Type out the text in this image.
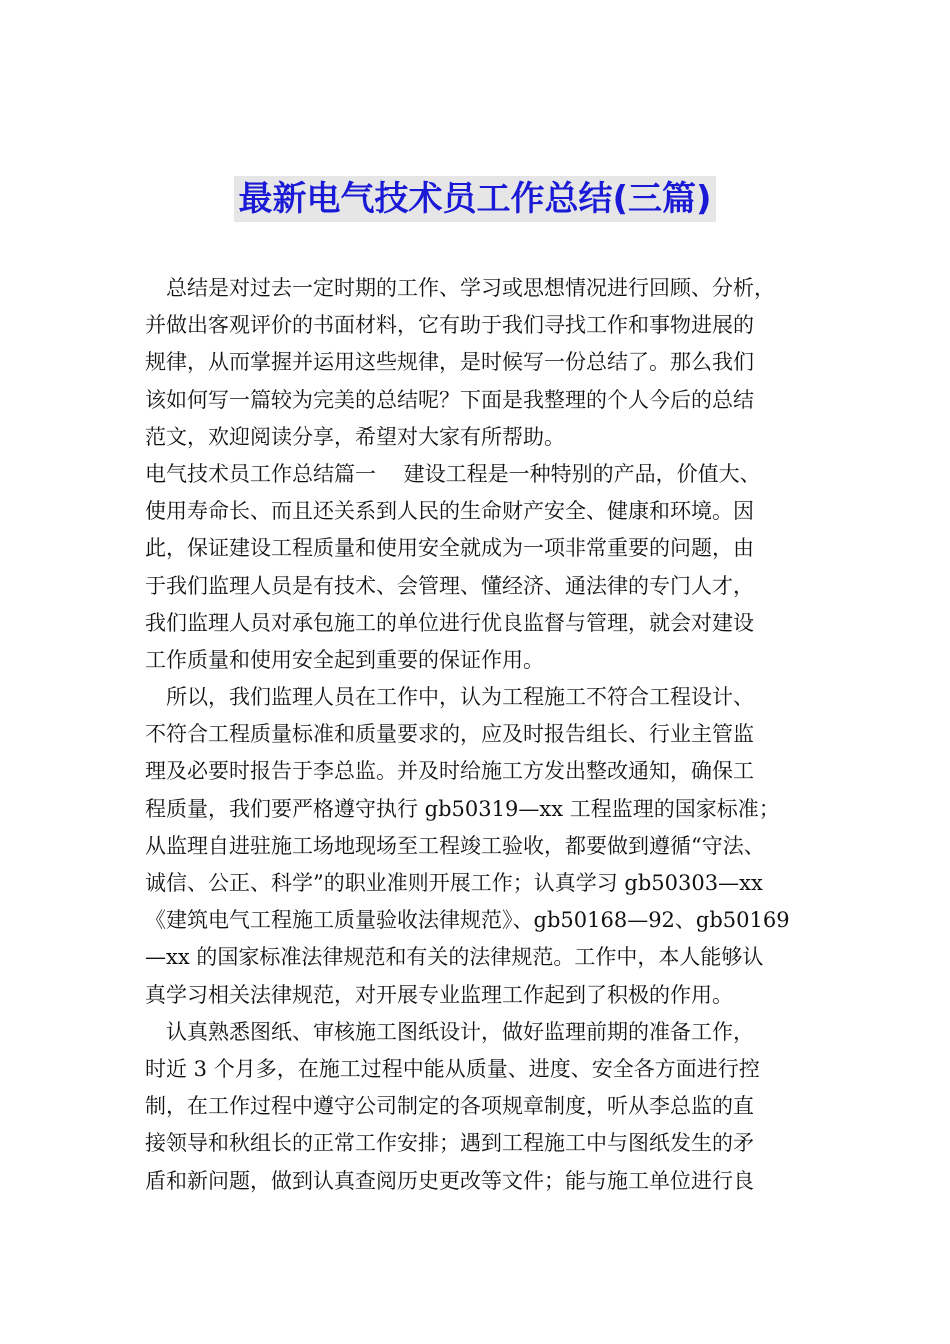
最新电气技术员工作总结(三篇)
总结是对过去一定时期的工作、学习或思想情况进行回顾、分析，
并做出客观评价的书面材料，它有助于我们寻找工作和事物进展的
规律，从而掌握并运用这些规律，是时候写一份总结了。那么我们
该如何写一篇较为完美的总结呢？下面是我整理的个人今后的总结
范文，欢迎阅读分享，希望对大家有所帮助。
电气技术员工作总结篇一　 建设工程是一种特别的产品，价值大、
使用寿命长、而且还关系到人民的生命财产安全、健康和环境。因
此，保证建设工程质量和使用安全就成为一项非常重要的问题，由
于我们监理人员是有技术、会管理、懂经济、通法律的专门人才，
我们监理人员对承包施工的单位进行优良监督与管理，就会对建设
工作质量和使用安全起到重要的保证作用。
所以，我们监理人员在工作中，认为工程施工不符合工程设计、
不符合工程质量标准和质量要求的，应及时报告组长、行业主管监
理及必要时报告于李总监。并及时给施工方发出整改通知，确保工
程质量，我们要严格遵守执行 gb50319—xx 工程监理的国家标准；
从监理自进驻施工场地现场至工程竣工验收，都要做到遵循“守法、
诚信、公正、科学”的职业准则开展工作；认真学习 gb50303—xx
《建筑电气工程施工质量验收法律规范》、gb50168—92、gb50169
—xx 的国家标准法律规范和有关的法律规范。工作中，本人能够认
真学习相关法律规范，对开展专业监理工作起到了积极的作用。
认真熟悉图纸、审核施工图纸设计，做好监理前期的准备工作，
时近 3 个月多，在施工过程中能从质量、进度、安全各方面进行控
制，在工作过程中遵守公司制定的各项规章制度，听从李总监的直
接领导和秋组长的正常工作安排；遇到工程施工中与图纸发生的矛
盾和新问题，做到认真查阅历史更改等文件；能与施工单位进行良
